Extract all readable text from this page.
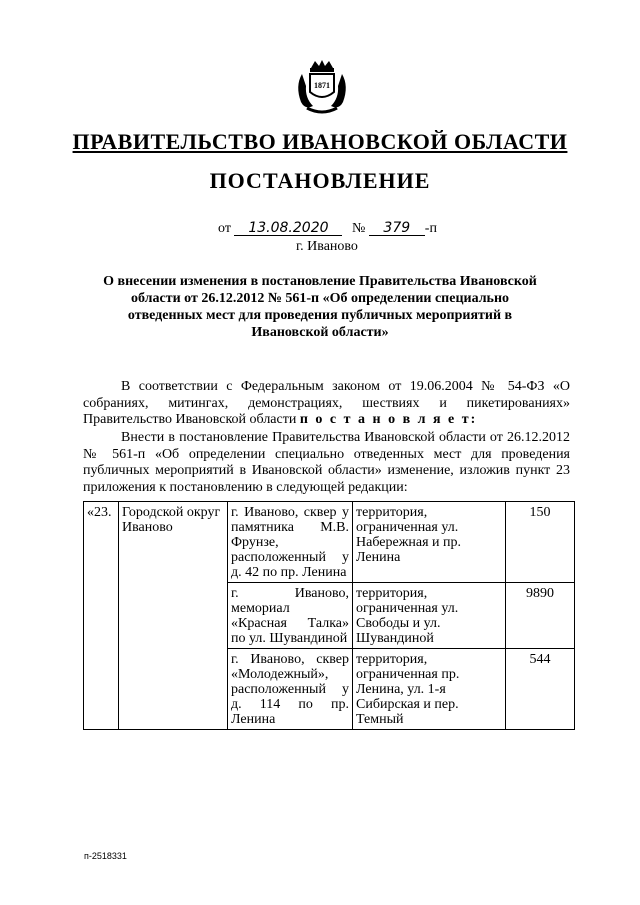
1871
ПРАВИТЕЛЬСТВО ИВАНОВСКОЙ ОБЛАСТИ
ПОСТАНОВЛЕНИЕ
от 13.08.2020 № 379 -п
г. Иваново
О внесении изменения в постановление Правительства Ивановской области от 26.12.2012 № 561-п «Об определении специально отведенных мест для проведения публичных мероприятий в Ивановской области»
В соответствии с Федеральным законом от 19.06.2004 № 54-ФЗ «О собраниях, митингах, демонстрациях, шествиях и пикетированиях» Правительство Ивановской области п о с т а н о в л я е т:
Внести в постановление Правительства Ивановской области от 26.12.2012 № 561-п «Об определении специально отведенных мест для проведения публичных мероприятий в Ивановской области» изменение, изложив пункт 23 приложения к постановлению в следующей редакции:
«23.	Городской округ Иваново	г. Иваново, сквер у памятника М.В. Фрунзе, расположенный у д. 42 по пр. Ленина	территория, ограниченная ул. Набережная и пр. Ленина	150
		г. Иваново, мемориал «Красная Талка» по ул. Шувандиной	территория, ограниченная ул. Свободы и ул. Шувандиной	9890
		г. Иваново, сквер «Молодежный», расположенный у д. 114 по пр. Ленина	территория, ограниченная пр. Ленина, ул. 1-я Сибирская и пер. Темный	544
п-2518331
